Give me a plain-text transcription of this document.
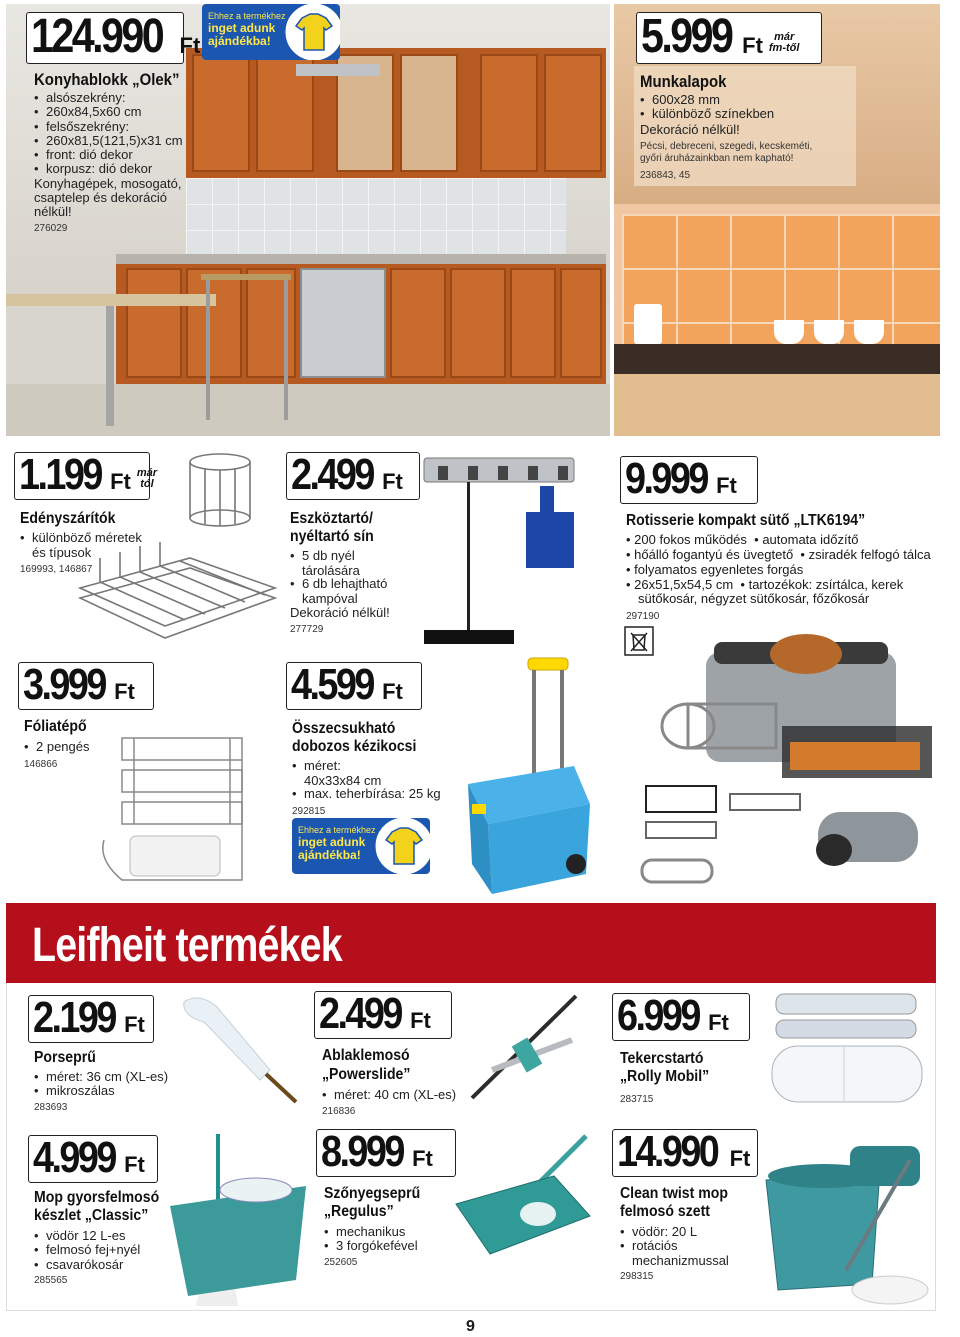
124.990 Ft
Konyhablokk „Olek”
• alsószekrény:
• 260x84,5x60 cm
• felsőszekrény:
• 260x81,5(121,5)x31 cm
• front: dió dekor
• korpusz: dió dekor
Konyhagépek, mosogató,
csaptelep és dekoráció
nélkül!
276029
Ehhez a termékhez
inget adunk
ajándékba!	5.999 Ft	már
fm-től
Munkalapok
• 600x28 mm
• különböző színekben
Dekoráció nélkül!
Pécsi, debreceni, szegedi, kecskeméti,
győri áruházainkban nem kapható!
236843, 45
1.199 Ft már
tól
Edényszárítók
• különböző méretek
és típusok
169993, 146867
2.499 Ft
Eszköztartó/
nyéltartó sín
• 5 db nyél
tárolására
• 6 db lehajtható
kampóval
Dekoráció nélkül!
277729
9.999 Ft
Rotisserie kompakt sütő „LTK6194”
• 200 fokos működés  • automata időzítő
• hőálló fogantyú és üvegtető  • zsiradék felfogó tálca
• folyamatos egyenletes forgás
• 26x51,5x54,5 cm  • tartozékok: zsírtálca, kerek
sütőkosár, négyzet sütőkosár, főzőkosár
297190
3.999 Ft
Fóliatépő
• 2 pengés
146866
4.599 Ft
Összecsukható
dobozos kézikocsi
• méret:
40x33x84 cm
• max. teherbírása: 25 kg
292815
Ehhez a termékhez
inget adunk
ajándékba!
Leifheit termékek
2.199 Ft
Porseprű
• méret: 36 cm (XL-es)
• mikroszálas
283693
2.499 Ft
Ablaklemosó
„Powerslide”
• méret: 40 cm (XL-es)
216836
6.999 Ft
Tekercstartó
„Rolly Mobil”
283715
4.999 Ft
Mop gyorsfelmosó
készlet „Classic”
• vödör 12 L-es
• felmosó fej+nyél
• csavarókosár
285565
8.999 Ft
Szőnyegseprű
„Regulus”
• mechanikus
• 3 forgókefével
252605
14.990 Ft
Clean twist mop
felmosó szett
• vödör: 20 L
• rotációs
mechanizmussal
298315
9
